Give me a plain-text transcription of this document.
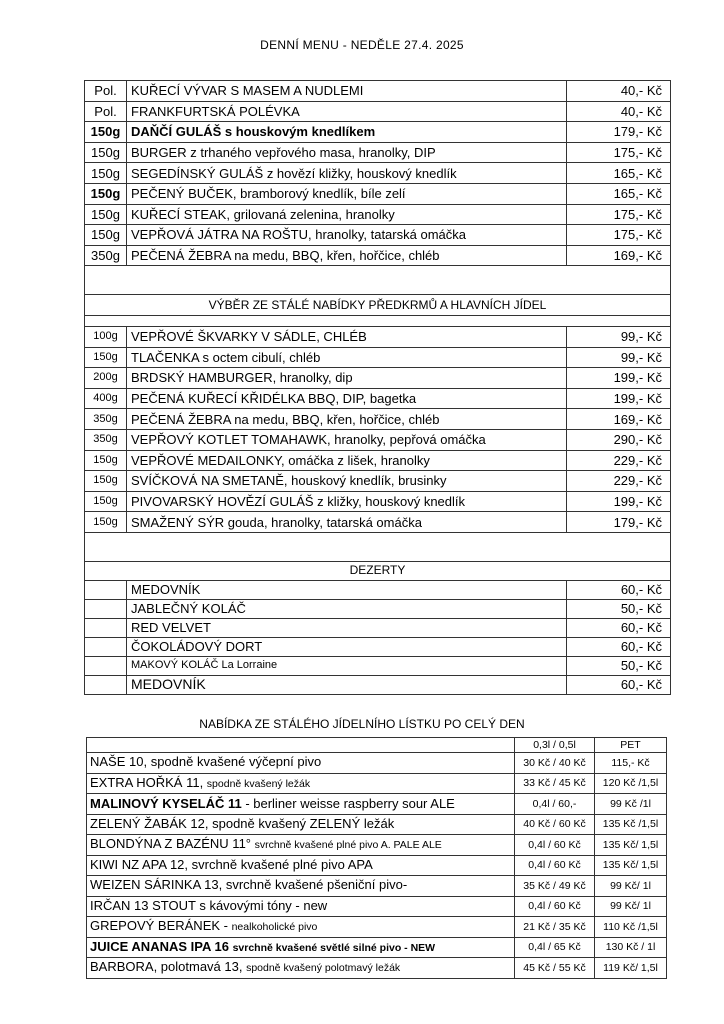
DENNÍ MENU - NEDĚLE 27.4. 2025
Pol.	KUŘECÍ VÝVAR S MASEM A NUDLEMI	40,- Kč
Pol.	FRANKFURTSKÁ POLÉVKA	40,- Kč
150g	DAŇČÍ GULÁŠ s houskovým knedlíkem	179,- Kč
150g	BURGER z trhaného vepřového masa, hranolky, DIP	175,- Kč
150g	SEGEDÍNSKÝ GULÁŠ z hovězí kližky, houskový knedlík	165,- Kč
150g	PEČENÝ BUČEK, bramborový knedlík, bíle zelí	165,- Kč
150g	KUŘECÍ STEAK, grilovaná zelenina, hranolky	175,- Kč
150g	VEPŘOVÁ JÁTRA NA ROŠTU, hranolky, tatarská omáčka	175,- Kč
350g	PEČENÁ ŽEBRA na medu, BBQ, křen, hořčice, chléb	169,- Kč

VÝBĚR ZE STÁLÉ NABÍDKY PŘEDKRMŮ A HLAVNÍCH JÍDEL		

100g	VEPŘOVÉ ŠKVARKY V SÁDLE, CHLÉB	99,- Kč
150g	TLAČENKA s octem cibulí, chléb	99,- Kč
200g	BRDSKÝ HAMBURGER, hranolky, dip	199,- Kč
400g	PEČENÁ KUŘECÍ KŘIDÉLKA BBQ, DIP, bagetka	199,- Kč
350g	PEČENÁ ŽEBRA na medu, BBQ, křen, hořčice, chléb	169,- Kč
350g	VEPŘOVÝ KOTLET TOMAHAWK, hranolky, pepřová omáčka	290,- Kč
150g	VEPŘOVÉ MEDAILONKY, omáčka z lišek, hranolky	229,- Kč
150g	SVÍČKOVÁ NA SMETANĚ, houskový knedlík, brusinky	229,- Kč
150g	PIVOVARSKÝ HOVĚZÍ GULÁŠ z kližky, houskový knedlík	199,- Kč
150g	SMAŽENÝ SÝR gouda, hranolky, tatarská omáčka	179,- Kč

DEZERTY		
	MEDOVNÍK	60,- Kč
	JABLEČNÝ KOLÁČ	50,- Kč
	RED VELVET	60,- Kč
	ČOKOLÁDOVÝ DORT	60,- Kč
	MAKOVÝ KOLÁČ La Lorraine	50,- Kč
	MEDOVNÍK	60,- Kč
NABÍDKA ZE STÁLÉHO JÍDELNÍHO LÍSTKU PO CELÝ DEN
	0,3l / 0,5l	PET
NAŠE 10, spodně kvašené výčepní pivo	30 Kč / 40 Kč	115,- Kč
EXTRA HOŘKÁ 11, spodně kvašený ležák	33 Kč / 45 Kč	120 Kč /1,5l
MALINOVÝ KYSELÁČ 11 - berliner weisse raspberry sour ALE	0,4l / 60,-	99 Kč /1l
ZELENÝ ŽABÁK 12, spodně kvašený ZELENÝ ležák	40 Kč / 60 Kč	135 Kč /1,5l
BLONDÝNA Z BAZÉNU 11° svrchně kvašené plné pivo A. PALE ALE	0,4l / 60 Kč	135 Kč/ 1,5l
KIWI NZ APA 12, svrchně kvašené plné pivo APA	0,4l / 60 Kč	135 Kč/ 1,5l
WEIZEN SÁRINKA 13, svrchně kvašené pšeniční pivo-	35 Kč / 49 Kč	99 Kč/ 1l
IRČAN 13 STOUT s kávovými tóny - new	0,4l / 60 Kč	99 Kč/ 1l
GREPOVÝ BERÁNEK - nealkoholické pivo	21 Kč / 35 Kč	110 Kč /1,5l
JUICE ANANAS IPA 16 svrchně kvašené světlé silné pivo - NEW	0,4l / 65 Kč	130 Kč / 1l
BARBORA, polotmavá 13, spodně kvašený polotmavý ležák	45 Kč / 55 Kč	119 Kč/ 1,5l
